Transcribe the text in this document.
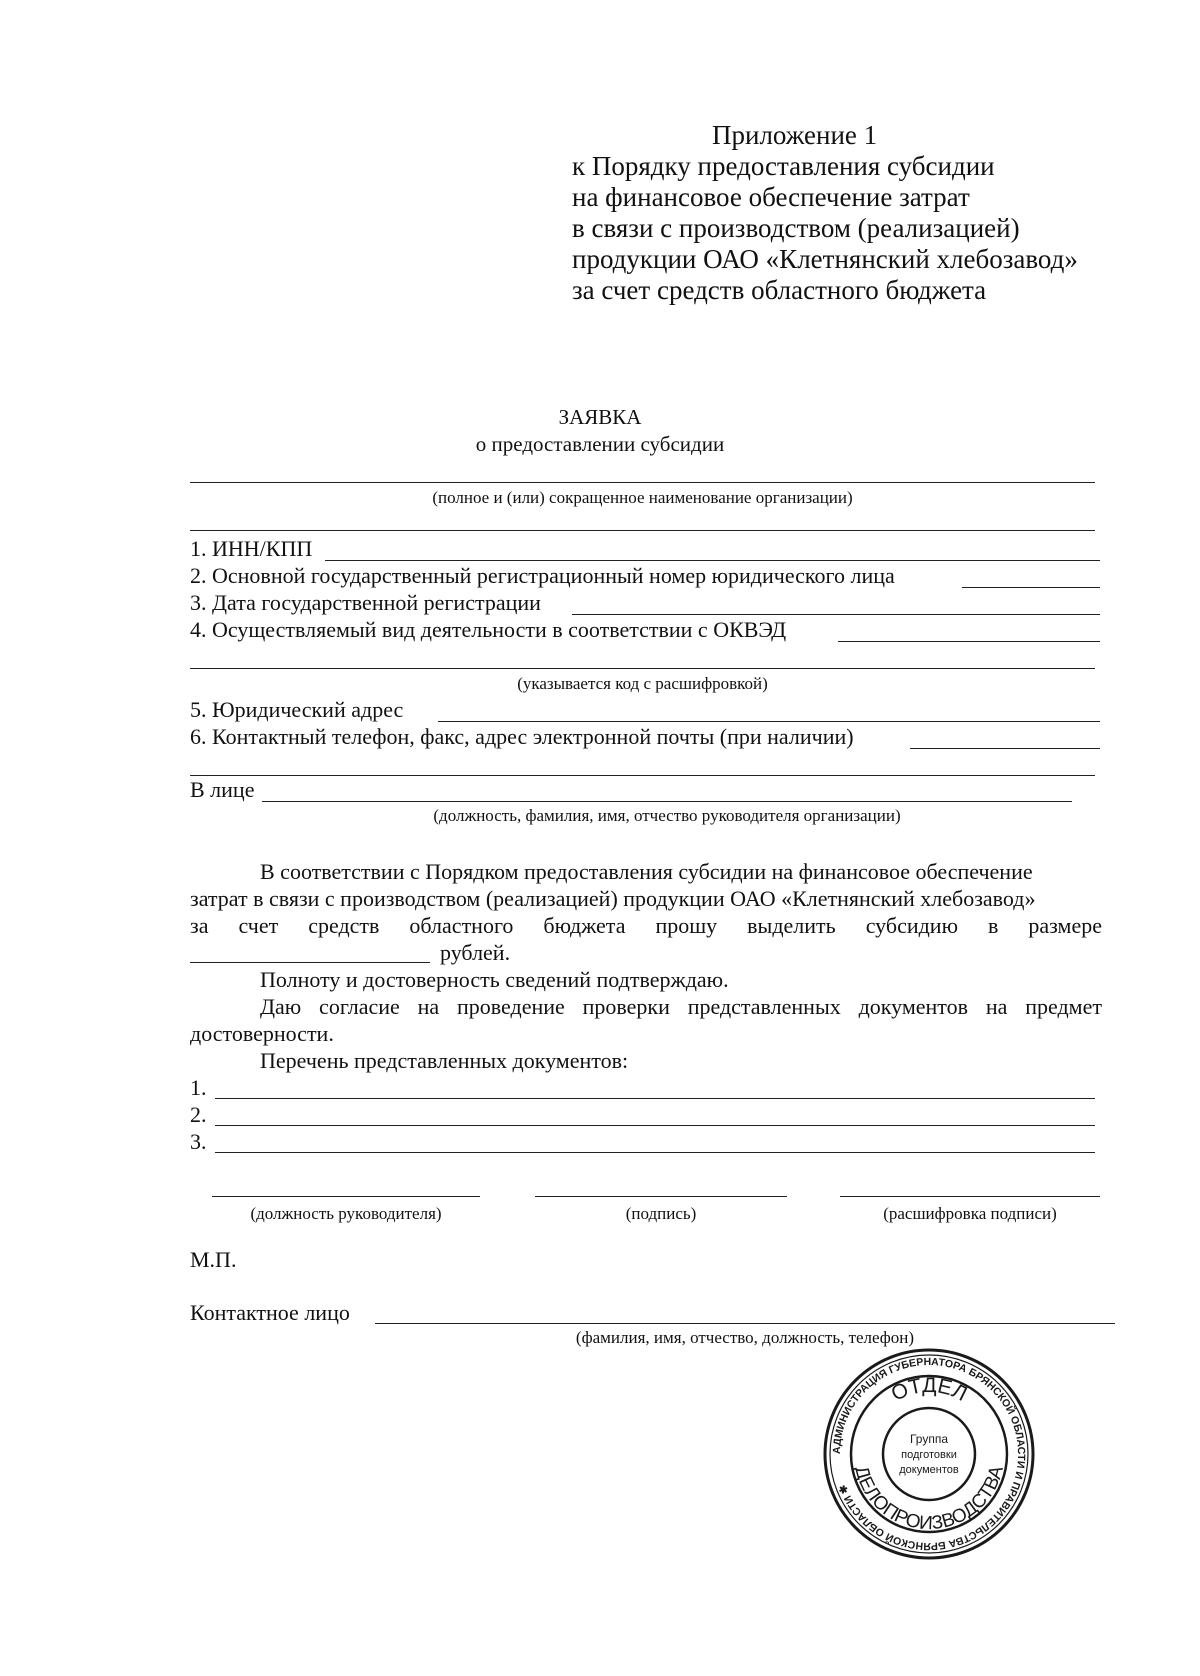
Приложение 1
к Порядку предоставления субсидии
на финансовое обеспечение затрат
в связи с производством (реализацией)
продукции ОАО «Клетнянский хлебозавод»
за счет средств областного бюджета
ЗАЯВКА
о предоставлении субсидии
(полное и (или) сокращенное наименование организации)
1. ИНН/КПП
2. Основной государственный регистрационный номер юридического лица
3. Дата государственной регистрации
4. Осуществляемый вид деятельности в соответствии с ОКВЭД
(указывается код с расшифровкой)
5. Юридический адрес
6. Контактный телефон, факс, адрес электронной почты (при наличии)
В лице
(должность, фамилия, имя, отчество руководителя организации)
В соответствии с Порядком предоставления субсидии на финансовое обеспечение
затрат в связи с производством (реализацией) продукции ОАО «Клетнянский хлебозавод»
за счет средств областного бюджета прошу выделить субсидию в размере
рублей.
Полноту и достоверность сведений подтверждаю.
Даю согласие на проведение проверки представленных документов на предмет
достоверности.
Перечень представленных документов:
1.
2.
3.
(должность руководителя)	(подпись)	(расшифровка подписи)
М.П.
Контактное лицо
(фамилия, имя, отчество, должность, телефон)
АДМИНИСТРАЦИЯ ГУБЕРНАТОРА БРЯНСКОЙ ОБЛАСТИ И ПРАВИТЕЛЬСТВА БРЯНСКОЙ ОБЛАСТИ ✱
ОТДЕЛ
ДЕЛОПРОИЗВОДСТВА
Группа
подготовки
документов
